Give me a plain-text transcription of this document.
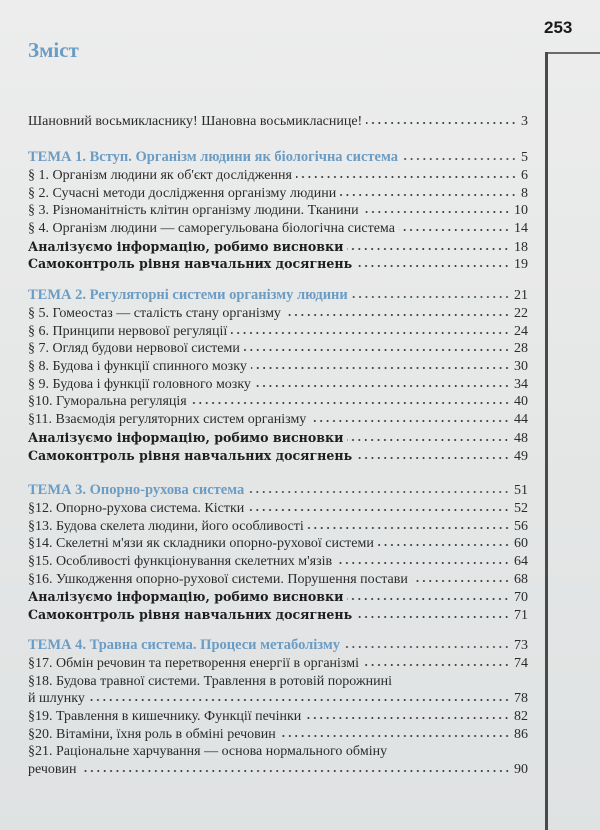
253
Зміст
Шановний восьмикласнику! Шановна восьмикласнице!	3
ТЕМА 1. Вступ. Організм людини як біологічна система	5
§ 1. Організм людини як об'єкт дослідження	6
§ 2. Сучасні методи дослідження організму людини	8
§ 3. Різноманітність клітин організму людини. Тканини	10
§ 4. Організм людини — саморегульована біологічна система	14
Аналізуємо інформацію, робимо висновки	18
Самоконтроль рівня навчальних досягнень	19
ТЕМА 2. Регуляторні системи організму людини	21
§ 5. Гомеостаз — сталість стану організму	22
§ 6. Принципи нервової регуляції	24
§ 7. Огляд будови нервової системи	28
§ 8. Будова і функції спинного мозку	30
§ 9. Будова і функції головного мозку	34
§10. Гуморальна регуляція	40
§11. Взаємодія регуляторних систем організму	44
Аналізуємо інформацію, робимо висновки	48
Самоконтроль рівня навчальних досягнень	49
ТЕМА 3. Опорно-рухова система	51
§12. Опорно-рухова система. Кістки	52
§13. Будова скелета людини, його особливості	56
§14. Скелетні м'язи як складники опорно-рухової системи	60
§15. Особливості функціонування скелетних м'язів	64
§16. Ушкодження опорно-рухової системи. Порушення постави	68
Аналізуємо інформацію, робимо висновки	70
Самоконтроль рівня навчальних досягнень	71
ТЕМА 4. Травна система. Процеси метаболізму	73
§17. Обмін речовин та перетворення енергії в організмі	74
§18. Будова травної системи. Травлення в ротовій порожнині
й шлунку	78
§19. Травлення в кишечнику. Функції печінки	82
§20. Вітаміни, їхня роль в обміні речовин	86
§21. Раціональне харчування — основа нормального обміну
речовин	90
